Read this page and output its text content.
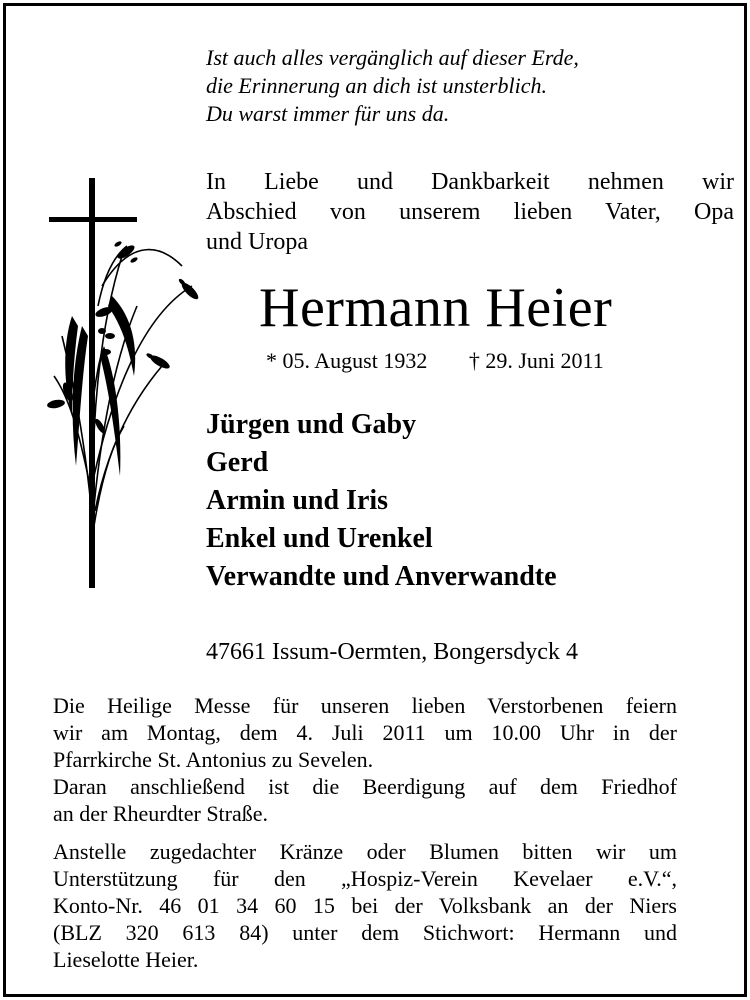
Ist auch alles vergänglich auf dieser Erde,
die Erinnerung an dich ist unsterblich.
Du warst immer für uns da.
In Liebe und Dankbarkeit nehmen wir
Abschied von unserem lieben Vater, Opa
und Uropa
Hermann Heier
* 05. August 1932 † 29. Juni 2011
Jürgen und Gaby
Gerd
Armin und Iris
Enkel und Urenkel
Verwandte und Anverwandte
47661 Issum-Oermten, Bongersdyck 4
Die Heilige Messe für unseren lieben Verstorbenen feiern
wir am Montag, dem 4. Juli 2011 um 10.00 Uhr in der
Pfarrkirche St. Antonius zu Sevelen.
Daran anschließend ist die Beerdigung auf dem Friedhof
an der Rheurdter Straße.
Anstelle zugedachter Kränze oder Blumen bitten wir um
Unterstützung für den „Hospiz-Verein Kevelaer e.V.“,
Konto-Nr. 46 01 34 60 15 bei der Volksbank an der Niers
(BLZ 320 613 84) unter dem Stichwort: Hermann und
Lieselotte Heier.
